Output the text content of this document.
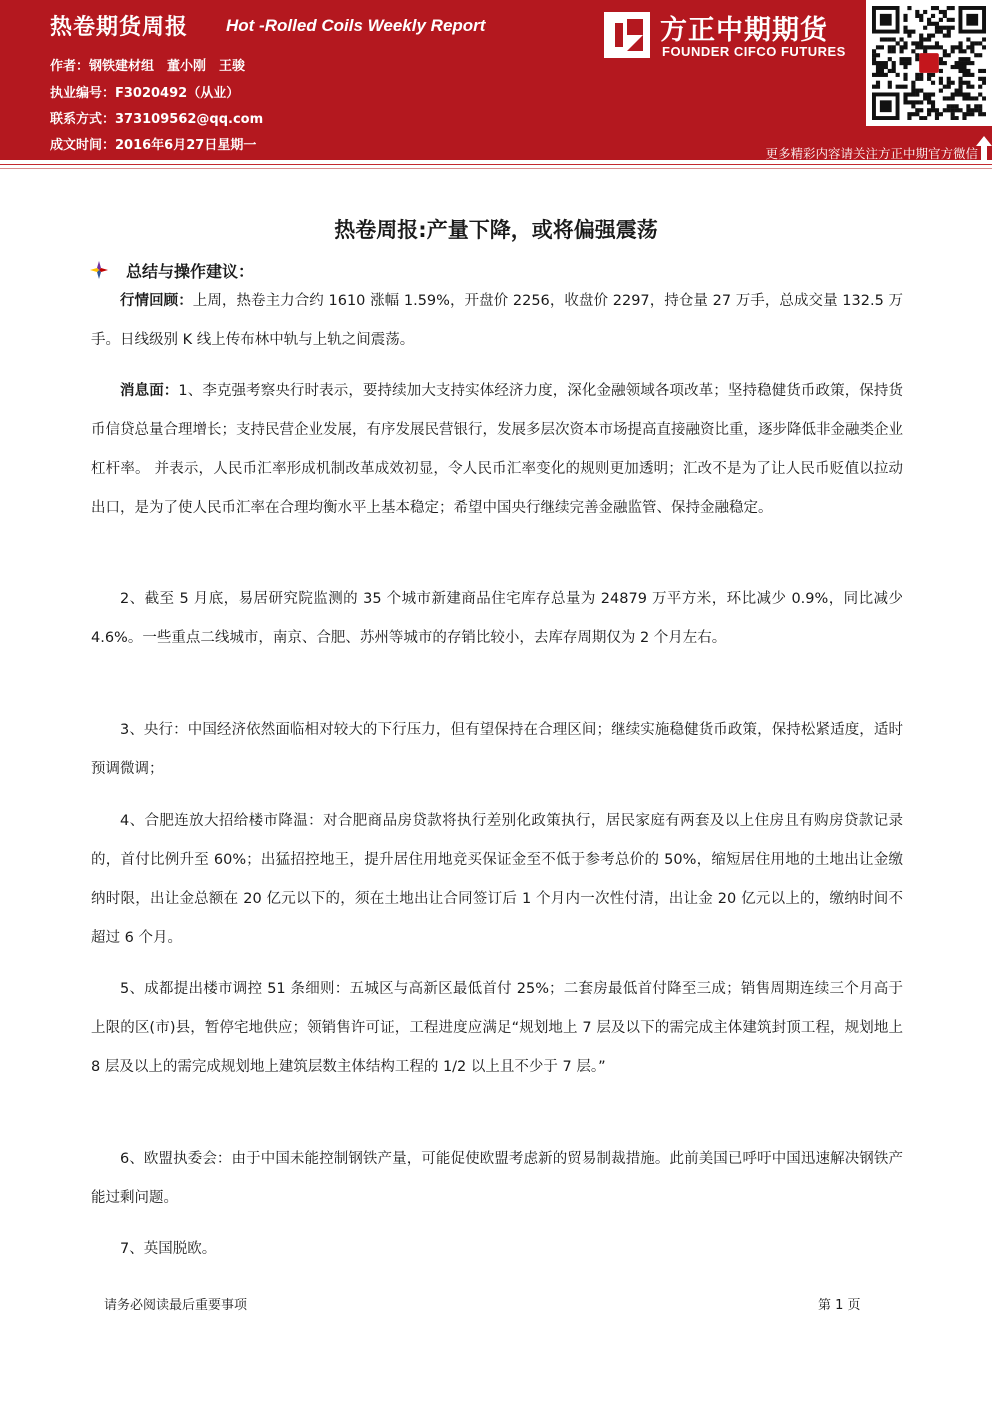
热卷期货周报 Hot -Rolled Coils Weekly Report
作者：钢铁建材组　董小刚　王骏
执业编号：F3020492（从业）
联系方式：373109562@qq.com
成文时间：2016年6月27日星期一
方正中期期货
FOUNDER CIFCO FUTURES
更多精彩内容请关注方正中期官方微信
热卷周报:产量下降，或将偏强震荡
总结与操作建议：
行情回顾：上周，热卷主力合约 1610 涨幅 1.59%，开盘价 2256，收盘价 2297，持仓量 27 万手，总成交量 132.5 万手。日线级别 K 线上传布林中轨与上轨之间震荡。
消息面：1、李克强考察央行时表示，要持续加大支持实体经济力度，深化金融领域各项改革；坚持稳健货币政策，保持货币信贷总量合理增长；支持民营企业发展，有序发展民营银行，发展多层次资本市场提高直接融资比重，逐步降低非金融类企业杠杆率。 并表示，人民币汇率形成机制改革成效初显，令人民币汇率变化的规则更加透明；汇改不是为了让人民币贬值以拉动出口，是为了使人民币汇率在合理均衡水平上基本稳定；希望中国央行继续完善金融监管、保持金融稳定。
2、截至 5 月底，易居研究院监测的 35 个城市新建商品住宅库存总量为 24879 万平方米，环比减少 0.9%，同比减少 4.6%。一些重点二线城市，南京、合肥、苏州等城市的存销比较小，去库存周期仅为 2 个月左右。
3、央行：中国经济依然面临相对较大的下行压力，但有望保持在合理区间；继续实施稳健货币政策，保持松紧适度，适时预调微调；
4、合肥连放大招给楼市降温：对合肥商品房贷款将执行差别化政策执行，居民家庭有两套及以上住房且有购房贷款记录的，首付比例升至 60%；出猛招控地王，提升居住用地竞买保证金至不低于参考总价的 50%，缩短居住用地的土地出让金缴纳时限，出让金总额在 20 亿元以下的，须在土地出让合同签订后 1 个月内一次性付清，出让金 20 亿元以上的，缴纳时间不超过 6 个月。
5、成都提出楼市调控 51 条细则：五城区与高新区最低首付 25%；二套房最低首付降至三成；销售周期连续三个月高于上限的区(市)县，暂停宅地供应；领销售许可证，工程进度应满足“规划地上 7 层及以下的需完成主体建筑封顶工程，规划地上 8 层及以上的需完成规划地上建筑层数主体结构工程的 1/2 以上且不少于 7 层。”
6、欧盟执委会：由于中国未能控制钢铁产量，可能促使欧盟考虑新的贸易制裁措施。此前美国已呼吁中国迅速解决钢铁产能过剩问题。
7、英国脱欧。
请务必阅读最后重要事项	第 1 页
